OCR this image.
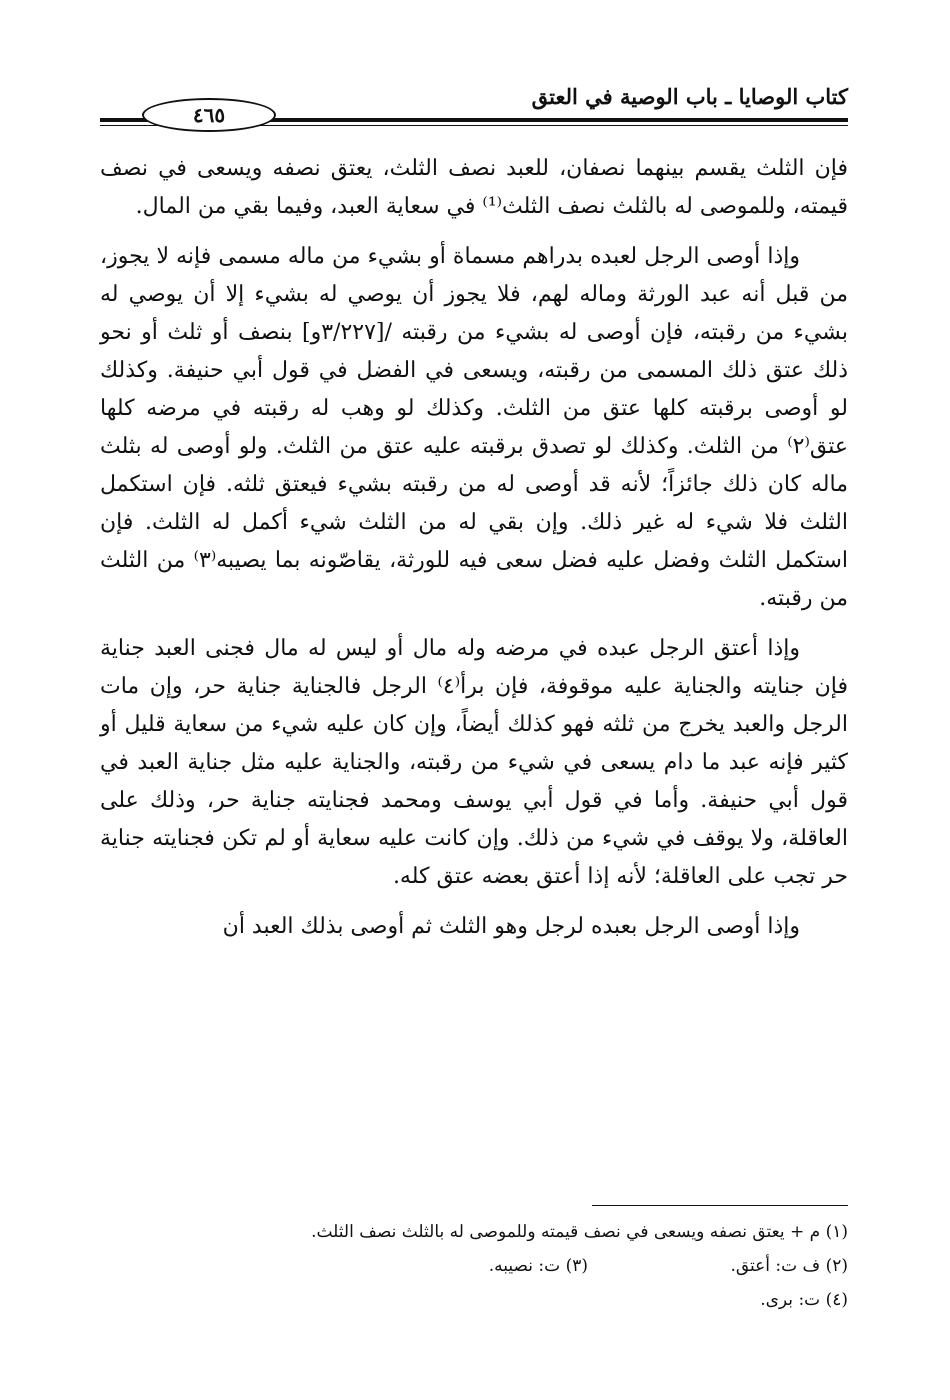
كتاب الوصايا ـ باب الوصية في العتق
٤٦٥

فإن الثلث يقسم بينهما نصفان، للعبد نصف الثلث، يعتق نصفه ويسعى في نصف قيمته، وللموصى له بالثلث نصف الثلث⁽¹⁾ في سعاية العبد، وفيما بقي من المال.

وإذا أوصى الرجل لعبده بدراهم مسماة أو بشيء من ماله مسمى فإنه لا يجوز، من قبل أنه عبد الورثة وماله لهم، فلا يجوز أن يوصي له بشيء إلا أن يوصي له بشيء من رقبته، فإن أوصى له بشيء من رقبته /[٣/٢٢٧و] بنصف أو ثلث أو نحو ذلك عتق ذلك المسمى من رقبته، ويسعى في الفضل في قول أبي حنيفة. وكذلك لو أوصى برقبته كلها عتق من الثلث. وكذلك لو وهب له رقبته في مرضه كلها عتق⁽٢⁾ من الثلث. وكذلك لو تصدق برقبته عليه عتق من الثلث. ولو أوصى له بثلث ماله كان ذلك جائزاً؛ لأنه قد أوصى له من رقبته بشيء فيعتق ثلثه. فإن استكمل الثلث فلا شيء له غير ذلك. وإن بقي له من الثلث شيء أكمل له الثلث. فإن استكمل الثلث وفضل عليه فضل سعى فيه للورثة، يقاصّونه بما يصيبه⁽٣⁾ من الثلث من رقبته.

وإذا أعتق الرجل عبده في مرضه وله مال أو ليس له مال فجنى العبد جناية فإن جنايته والجناية عليه موقوفة، فإن برأ⁽٤⁾ الرجل فالجناية جناية حر، وإن مات الرجل والعبد يخرج من ثلثه فهو كذلك أيضاً، وإن كان عليه شيء من سعاية قليل أو كثير فإنه عبد ما دام يسعى في شيء من رقبته، والجناية عليه مثل جناية العبد في قول أبي حنيفة. وأما في قول أبي يوسف ومحمد فجنايته جناية حر، وذلك على العاقلة، ولا يوقف في شيء من ذلك. وإن كانت عليه سعاية أو لم تكن فجنايته جناية حر تجب على العاقلة؛ لأنه إذا أعتق بعضه عتق كله.

وإذا أوصى الرجل بعبده لرجل وهو الثلث ثم أوصى بذلك العبد أن

(١) م + يعتق نصفه ويسعى في نصف قيمته وللموصى له بالثلث نصف الثلث.
(٢) ف ت: أعتق.
(٣) ت: نصيبه.
(٤) ت: برى.
